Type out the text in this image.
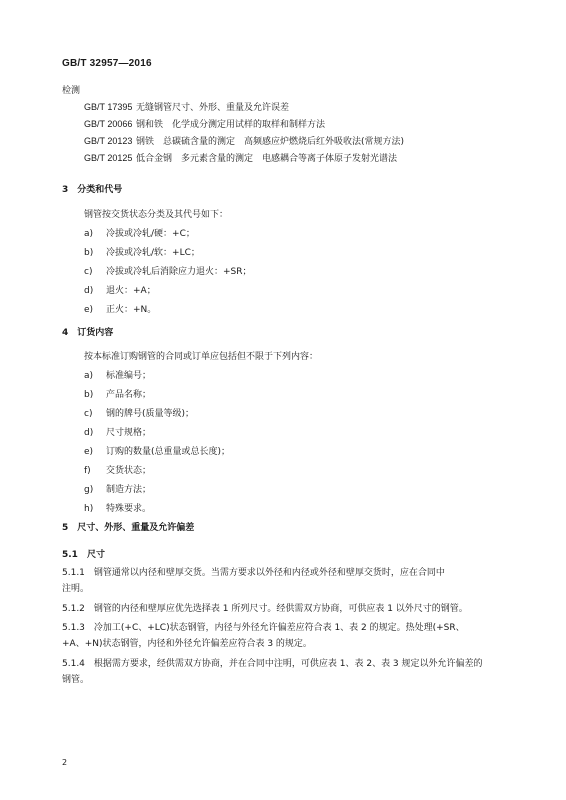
GB/T 32957—2016
检测
GB/T 17395 无缝钢管尺寸、外形、重量及允许误差
GB/T 20066 钢和铁　化学成分测定用试样的取样和制样方法
GB/T 20123 钢铁　总碳硫含量的测定　高频感应炉燃烧后红外吸收法(常规方法)
GB/T 20125 低合金钢　多元素含量的测定　电感耦合等离子体原子发射光谱法
3　分类和代号
钢管按交货状态分类及其代号如下：
a) 冷拔或冷轧/硬：+C；
b) 冷拔或冷轧/软：+LC；
c) 冷拔或冷轧后消除应力退火：+SR；
d) 退火：+A；
e) 正火：+N。
4　订货内容
按本标准订购钢管的合同或订单应包括但不限于下列内容：
a) 标准编号；
b) 产品名称；
c) 钢的牌号(质量等级)；
d) 尺寸规格；
e) 订购的数量(总重量或总长度)；
f) 交货状态；
g) 制造方法；
h) 特殊要求。
5　尺寸、外形、重量及允许偏差
5.1　尺寸
5.1.1　钢管通常以内径和壁厚交货。当需方要求以外径和内径或外径和壁厚交货时，应在合同中
注明。
5.1.2　钢管的内径和壁厚应优先选择表 1 所列尺寸。经供需双方协商，可供应表 1 以外尺寸的钢管。
5.1.3　冷加工(+C、+LC)状态钢管，内径与外径允许偏差应符合表 1、表 2 的规定。热处理(+SR、
+A、+N)状态钢管，内径和外径允许偏差应符合表 3 的规定。
5.1.4　根据需方要求，经供需双方协商，并在合同中注明，可供应表 1、表 2、表 3 规定以外允许偏差的
钢管。
2
